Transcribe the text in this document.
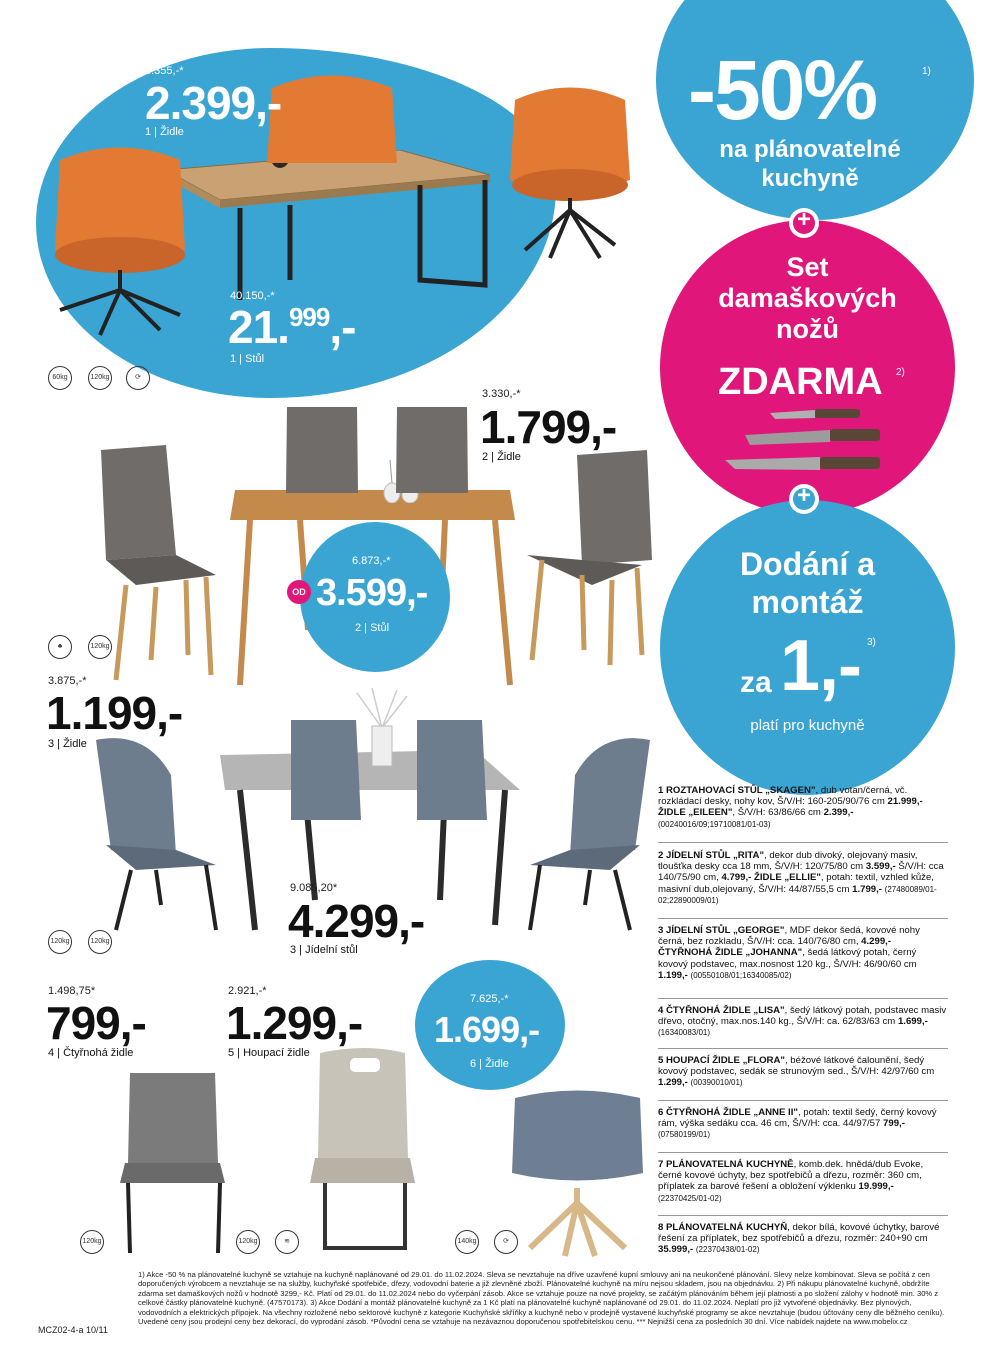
5.355,-*
2.399,-
1 | Židle
40.150,-*
21.$^{999}$,-
1 | Stůl
60kg	120kg	⟳
-50%	1)
na plánovatelné
kuchyně
Set
damaškových
nožů
ZDARMA 2)
+
+
Dodání a
montáž
3)
za 1,-
platí pro kuchyně
3.330,-*
1.799,-
2 | Židle
6.873,-*
OD 3.599,-
2 | Stůl
♣	120kg
3.875,-*
1.199,-
3 | Židle
9.085,20*
4.299,-
3 | Jídelní stůl
120kg	120kg
1.498,75*
799,-
4 | Čtyřnohá židle
2.921,-*
1.299,-
5 | Houpací židle
7.625,-*
1.699,-
6 | Židle
120kg	120kg	≋	140kg	⟳
1 ROZTAHOVACÍ STŮL „SKAGEN", dub votan/černá, vč. rozkládací desky, nohy kov, Š/V/H: 160-205/90/76 cm 21.999,- ŽIDLE „EILEEN", Š/V/H: 63/86/66 cm 2.399,-
(00240016/09;19710081/01-03)
2 JÍDELNÍ STŮL „RITA", dekor dub divoký, olejovaný masiv, tloušťka desky cca 18 mm, Š/V/H: 120/75/80 cm 3.599,- Š/V/H: cca 140/75/90 cm, 4.799,- ŽIDLE „ELLIE", potah: textil, vzhled kůže, masivní dub,olejovaný, Š/V/H: 44/87/55,5 cm 1.799,- (27480089/01-02;22890009/01)
3 JÍDELNÍ STŮL „GEORGE", MDF dekor šedá, kovové nohy černá, bez rozkladu, Š/V/H: cca. 140/76/80 cm, 4.299,- ČTYŘNOHÁ ŽIDLE „JOHANNA", šedá látkový potah, černý kovový podstavec, max.nosnost 120 kg., Š/V/H: 46/90/60 cm 1.199,- (00550108/01;16340085/02)
4 ČTYŘNOHÁ ŽIDLE „LISA", šedý látkový potah, podstavec masiv dřevo, otočný, max.nos.140 kg., Š/V/H: ca. 62/83/63 cm 1.699,- (16340083/01)
5 HOUPACÍ ŽIDLE „FLORA", béžové látkové čalounění, šedý kovový podstavec, sedák se strunovým sed., Š/V/H: 42/97/60 cm 1.299,- (00390010/01)
6 ČTYŘNOHÁ ŽIDLE „ANNE II", potah: textil šedý, černý kovový rám, výška sedáku cca. 46 cm, Š/V/H: cca. 44/97/57 799,- (07580199/01)
7 PLÁNOVATELNÁ KUCHYNĚ, komb.dek. hnědá/dub Evoke, černé kovové úchyty, bez spotřebičů a dřezu, rozměr: 360 cm, příplatek za barové řešení a obložení výklenku 19.999,- (22370425/01-02)
8 PLÁNOVATELNÁ KUCHYŇ, dekor bílá, kovové úchytky, barové řešení za příplatek, bez spotřebičů a dřezu, rozměr: 240+90 cm 35.999,- (22370438/01-02)
1) Akce -50 % na plánovatelné kuchyně se vztahuje na kuchyně naplánované od 29.01. do 11.02.2024. Sleva se nevztahuje na dříve uzavřené kupní smlouvy ani na neukončené plánování. Slevy nelze kombinovat. Sleva se počítá z cen doporučených výrobcem a nevztahuje se na služby, kuchyňské spotřebiče, dřezy, vodovodní baterie a již zlevněné zboží. Plánovatelné kuchyně na míru nejsou skladem, jsou na objednávku. 2) Při nákupu plánovatelné kuchyně, obdržíte zdarma set damaškových nožů v hodnotě 3299,- Kč. Platí od 29.01. do 11.02.2024 nebo do vyčerpání zásob. Akce se vztahuje pouze na nové projekty, se začátým plánováním během její platnosti a po složení zálohy v hodnotě min. 30% z celkové částky plánovatelné kuchyně. (47570173). 3) Akce Dodání a montáž plánovatelné kuchyně za 1 Kč platí na plánovatelné kuchyně naplánované od 29.01. do 11.02.2024. Neplatí pro již vytvořené objednávky. Bez plynových, vodovodních a elektrických přípojek. Na všechny rozložené nebo sektorové kuchyně z kategorie Kuchyňské skříňky a kuchyně nebo v prodejně vystavené kuchyňské programy se akce nevztahuje (budou účtovány ceny dle běžného ceníku). Uvedené ceny jsou prodejní ceny bez dekorací, do vyprodání zásob. *Původní cena se vztahuje na nezávaznou doporučenou spotřebitelskou cenu. *** Nejnižší cena za posledních 30 dní. Více nabídek najdete na www.mobelix.cz
MCZ02-4-a 10/11
